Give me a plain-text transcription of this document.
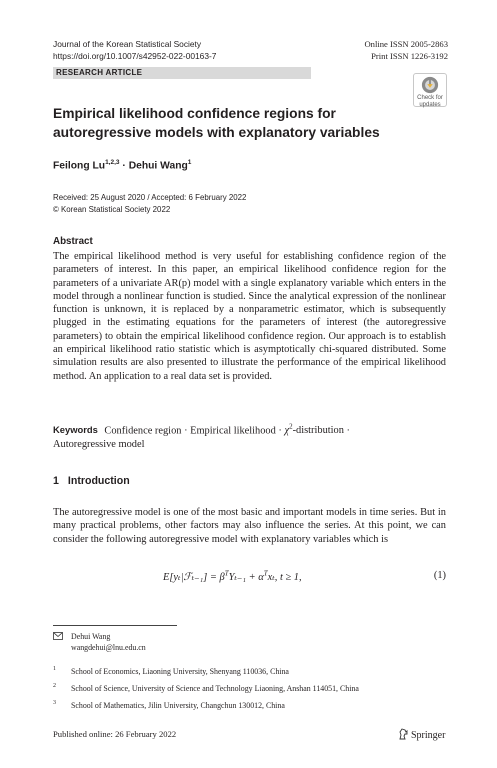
Journal of the Korean Statistical Society
https://doi.org/10.1007/s42952-022-00163-7
Online ISSN 2005-2863
Print ISSN 1226-3192
RESEARCH ARTICLE
Check for
updates
Empirical likelihood confidence regions for autoregressive models with explanatory variables
Feilong Lu$^{1,2,3}$ · Dehui Wang$^1$
Received: 25 August 2020 / Accepted: 6 February 2022
© Korean Statistical Society 2022
Abstract
The empirical likelihood method is very useful for establishing confidence region of the parameters of interest. In this paper, an empirical likelihood confidence region for the parameters of a univariate AR(p) model with a single explanatory variable which enters in the model through a nonlinear function is studied. Since the analytical expression of the nonlinear function is unknown, it is replaced by a nonparametric estimator, which is subsequently plugged in the estimating equations for the parameters of interest (the autoregressive parameters) to obtain the empirical likelihood confidence region. Our approach is to establish an empirical likelihood ratio statistic which is asymptotically chi-squared distributed. Some simulation results are also presented to illustrate the performance of the empirical likelihood method. An application to a real data set is provided.
Keywords Confidence region · Empirical likelihood · $\chi^2$-distribution ·
Autoregressive model
1 Introduction
The autoregressive model is one of the most basic and important models in time series. But in many practical problems, other factors may also influence the series. At this point, we can consider the following autoregressive model with explanatory variables which is
E[yₜ|ℱₜ₋₁] = $\beta^TY_{t-1} + \alpha^Tx_t$, t ≥ 1,	(1)
Dehui Wang
wangdehui@lnu.edu.cn
1 School of Economics, Liaoning University, Shenyang 110036, China
2 School of Science, University of Science and Technology Liaoning, Anshan 114051, China
3 School of Mathematics, Jilin University, Changchun 130012, China
Published online: 26 February 2022	Springer
